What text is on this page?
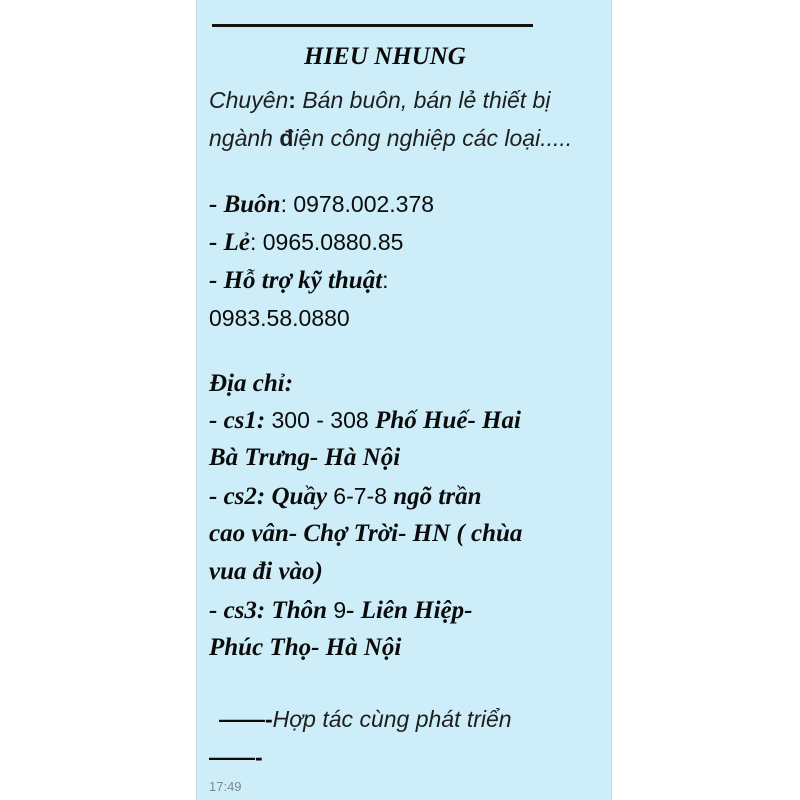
HIEU NHUNG
Chuyên: Bán buôn, bán lẻ thiết bị
ngành điện công nghiệp các loại.....
- Buôn: 0978.002.378
- Lẻ: 0965.0880.85
- Hỗ trợ kỹ thuật:
0983.58.0880
Địa chỉ:
- cs1: 300 - 308 Phố Huế- Hai
Bà Trưng- Hà Nội
- cs2: Quầy 6-7-8 ngõ trần
cao vân- Chợ Trời- HN ( chùa
vua đi vào)
- cs3: Thôn 9- Liên Hiệp-
Phúc Thọ- Hà Nội
——-Hợp tác cùng phát triển
——-
17:49
